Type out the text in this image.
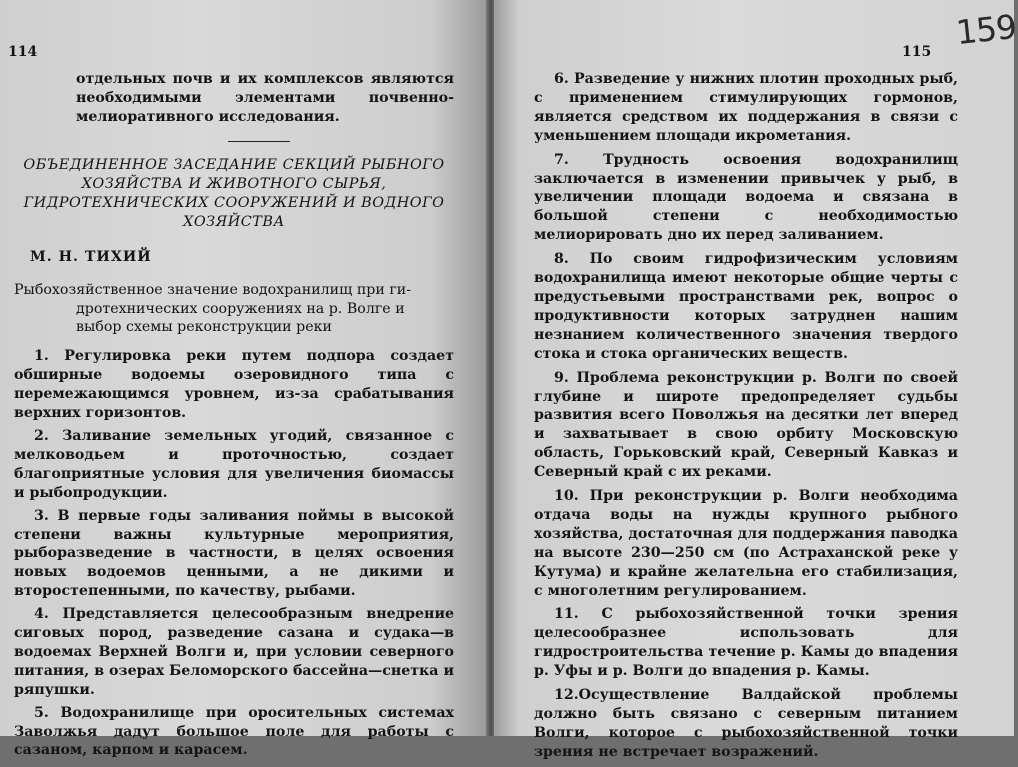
114

отдельных почв и их комплексов являются необходимыми элементами почвенно-мелиоративного исследования.

ОБЪЕДИНЕННОЕ ЗАСЕДАНИЕ СЕКЦИЙ РЫБНОГО ХОЗЯЙСТВА И ЖИВОТНОГО СЫРЬЯ, ГИДРОТЕХНИЧЕСКИХ СООРУЖЕНИЙ И ВОДНОГО ХОЗЯЙСТВА
М. Н. ТИХИЙ
Рыбохозяйственное значение водохранилищ при ги-
дротехнических сооружениях на р. Волге и выбор схемы реконструкции реки

1. Регулировка реки путем подпора создает обширные водоемы озеровидного типа с перемежающимся уровнем, из-за срабатывания верхних горизонтов.

2. Заливание земельных угодий, связанное с мелководьем и проточностью, создает благоприятные условия для увеличения биомассы и рыбопродукции.

3. В первые годы заливания поймы в высокой степени важны культурные мероприятия, рыборазведение в частности, в целях освоения новых водоемов ценными, а не дикими и второстепенными, по качеству, рыбами.

4. Представляется целесообразным внедрение сиговых пород, разведение сазана и судака—в водоемах Верхней Волги и, при условии северного питания, в озерах Беломорского бассейна—снетка и ряпушки.

5. Водохранилище при оросительных системах Заволжья дадут большое поле для работы с сазаном, карпом и карасем.

115 159

6. Разведение у нижних плотин проходных рыб, с применением стимулирующих гормонов, является средством их поддержания в связи с уменьшением площади икрометания.

7. Трудность освоения водохранилищ заключается в изменении привычек у рыб, в увеличении площади водоема и связана в большой степени с необходимостью мелиорировать дно их перед заливанием.

8. По своим гидрофизическим условиям водохранилища имеют некоторые общие черты с предустьевыми пространствами рек, вопрос о продуктивности которых затруднен нашим незнанием количественного значения твердого стока и стока органических веществ.

9. Проблема реконструкции р. Волги по своей глубине и широте предопределяет судьбы развития всего Поволжья на десятки лет вперед и захватывает в свою орбиту Московскую область, Горьковский край, Северный Кавказ и Северный край с их реками.

10. При реконструкции р. Волги необходима отдача воды на нужды крупного рыбного хозяйства, достаточная для поддержания паводка на высоте 230—250 см (по Астраханской реке у Кутума) и крайне желательна его стабилизация, с многолетним регулированием.

11. С рыбохозяйственной точки зрения целесообразнее использовать для гидростроительства течение р. Камы до впадения р. Уфы и р. Волги до впадения р. Камы.

12.Осуществление Валдайской проблемы должно быть связано с северным питанием Волги, которое с рыбохозяйственной точки зрения не встречает возражений.
